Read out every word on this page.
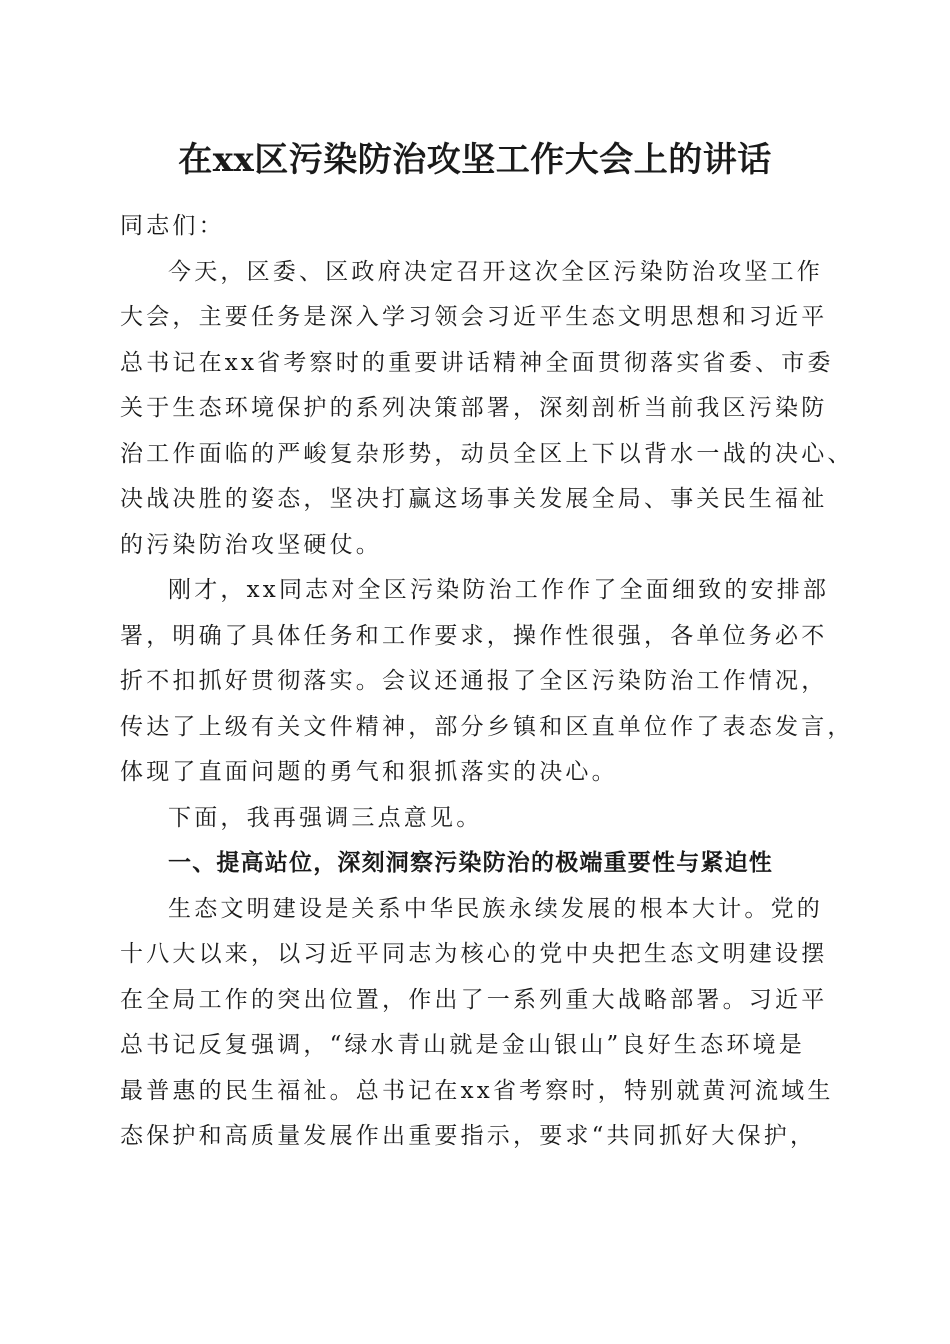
在xx区污染防治攻坚工作大会上的讲话
同志们：
今天，区委、区政府决定召开这次全区污染防治攻坚工作
大会，主要任务是深入学习领会习近平生态文明思想和习近平
总书记在xx省考察时的重要讲话精神全面贯彻落实省委、市委
关于生态环境保护的系列决策部署，深刻剖析当前我区污染防
治工作面临的严峻复杂形势，动员全区上下以背水一战的决心、
决战决胜的姿态，坚决打赢这场事关发展全局、事关民生福祉
的污染防治攻坚硬仗。
刚才，xx同志对全区污染防治工作作了全面细致的安排部
署，明确了具体任务和工作要求，操作性很强，各单位务必不
折不扣抓好贯彻落实。会议还通报了全区污染防治工作情况，
传达了上级有关文件精神，部分乡镇和区直单位作了表态发言，
体现了直面问题的勇气和狠抓落实的决心。
下面，我再强调三点意见。
一、提高站位，深刻洞察污染防治的极端重要性与紧迫性
生态文明建设是关系中华民族永续发展的根本大计。党的
十八大以来，以习近平同志为核心的党中央把生态文明建设摆
在全局工作的突出位置，作出了一系列重大战略部署。习近平
总书记反复强调，“绿水青山就是金山银山”良好生态环境是
最普惠的民生福祉。总书记在xx省考察时，特别就黄河流域生
态保护和高质量发展作出重要指示，要求“共同抓好大保护，
